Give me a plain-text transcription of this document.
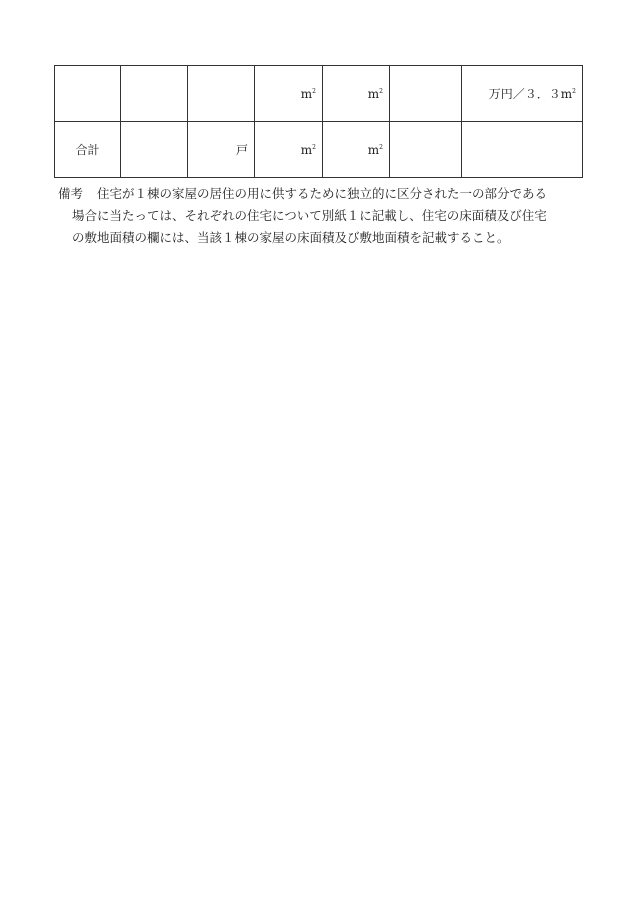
			$m^2$	$m^2$		万円／３．$3m^2$
合計		戸	$m^2$	$m^2$		
備考 住宅が１棟の家屋の居住の用に供するために独立的に区分された一の部分である
場合に当たっては、それぞれの住宅について別紙１に記載し、住宅の床面積及び住宅
の敷地面積の欄には、当該１棟の家屋の床面積及び敷地面積を記載すること。
